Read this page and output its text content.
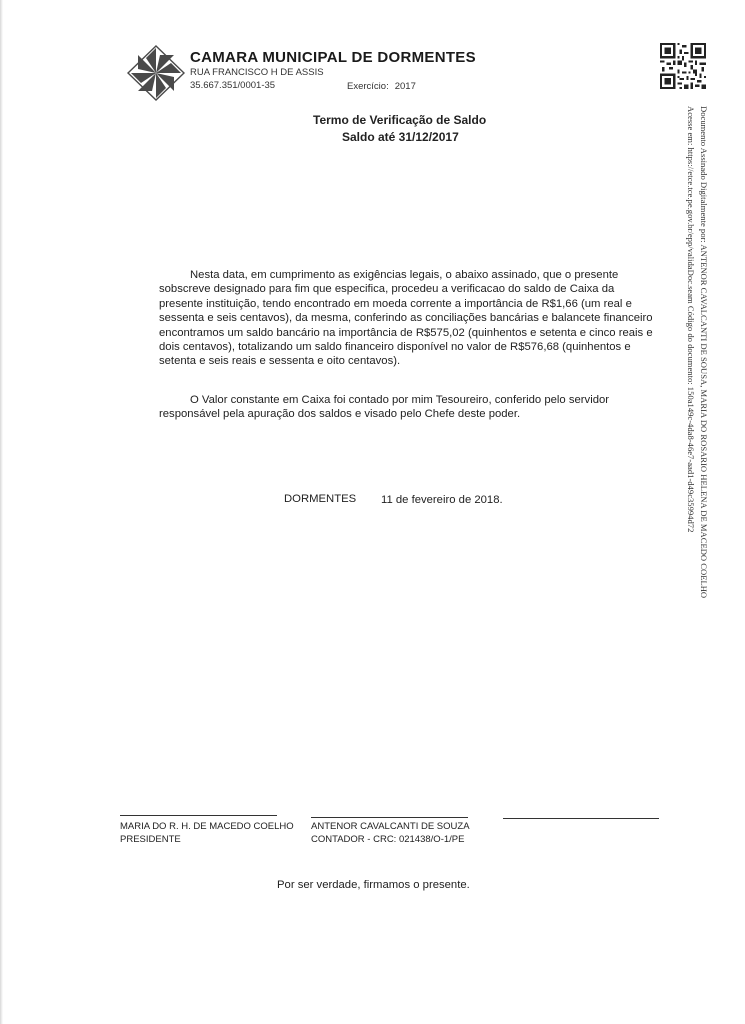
CAMARA MUNICIPAL DE DORMENTES
RUA FRANCISCO H DE ASSIS
35.667.351/0001-35	Exercício: 2017
Documento Assinado Digitalmente por: ANTENOR CAVALCANTI DE SOUSA, MARIA DO ROSARIO HELENA DE MACEDO COELHO
Acesse em: https://etce.tce.pe.gov.br/epp/validaDoc.seam Código do documento: 150a149c-4da8-46e7-aad1-d49c35994d72
Termo de Verificação de Saldo
Saldo até 31/12/2017

Nesta data, em cumprimento as exigências legais, o abaixo assinado, que o presente
sobscreve designado para fim que especifica, procedeu a verificacao do saldo de Caixa da
presente instituição, tendo encontrado em moeda corrente a importância de R$1,66 (um real e
sessenta e seis centavos), da mesma, conferindo as conciliações bancárias e balancete financeiro
encontramos um saldo bancário na importância de R$575,02 (quinhentos e setenta e cinco reais e
dois centavos), totalizando um saldo financeiro disponível no valor de R$576,68 (quinhentos e
setenta e seis reais e sessenta e oito centavos).

O Valor constante em Caixa foi contado por mim Tesoureiro, conferido pelo servidor
responsável pela apuração dos saldos e visado pelo Chefe deste poder.

DORMENTES 11 de fevereiro de 2018.
MARIA DO R. H. DE MACEDO COELHO
PRESIDENTE
ANTENOR CAVALCANTI DE SOUZA
CONTADOR - CRC: 021438/O-1/PE
Por ser verdade, firmamos o presente.
